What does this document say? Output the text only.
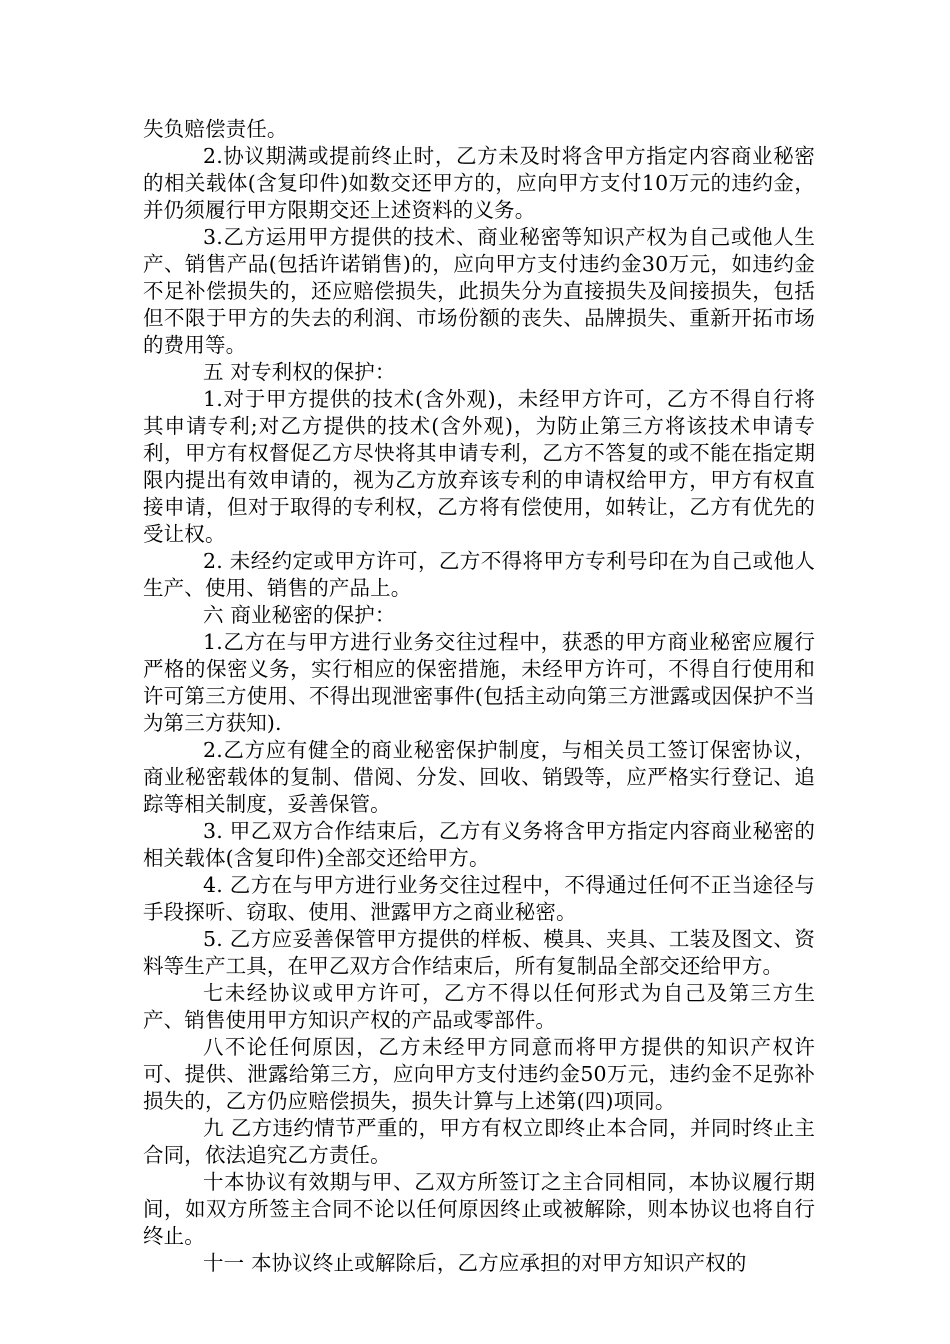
失负赔偿责任。

2.协议期满或提前终止时，乙方未及时将含甲方指定内容商业秘密的相关载体(含复印件)如数交还甲方的，应向甲方支付10万元的违约金，并仍须履行甲方限期交还上述资料的义务。

3.乙方运用甲方提供的技术、商业秘密等知识产权为自己或他人生产、销售产品(包括许诺销售)的，应向甲方支付违约金30万元，如违约金不足补偿损失的，还应赔偿损失，此损失分为直接损失及间接损失，包括但不限于甲方的失去的利润、市场份额的丧失、品牌损失、重新开拓市场的费用等。

五 对专利权的保护：

1.对于甲方提供的技术(含外观)，未经甲方许可，乙方不得自行将其申请专利;对乙方提供的技术(含外观)，为防止第三方将该技术申请专利，甲方有权督促乙方尽快将其申请专利，乙方不答复的或不能在指定期限内提出有效申请的，视为乙方放弃该专利的申请权给甲方，甲方有权直接申请，但对于取得的专利权，乙方将有偿使用，如转让，乙方有优先的受让权。

2. 未经约定或甲方许可，乙方不得将甲方专利号印在为自己或他人生产、使用、销售的产品上。

六 商业秘密的保护：

1.乙方在与甲方进行业务交往过程中，获悉的甲方商业秘密应履行严格的保密义务，实行相应的保密措施，未经甲方许可，不得自行使用和许可第三方使用、不得出现泄密事件(包括主动向第三方泄露或因保护不当为第三方获知).

2.乙方应有健全的商业秘密保护制度，与相关员工签订保密协议，商业秘密载体的复制、借阅、分发、回收、销毁等，应严格实行登记、追踪等相关制度，妥善保管。

3. 甲乙双方合作结束后，乙方有义务将含甲方指定内容商业秘密的相关载体(含复印件)全部交还给甲方。

4. 乙方在与甲方进行业务交往过程中，不得通过任何不正当途径与手段探听、窃取、使用、泄露甲方之商业秘密。

5. 乙方应妥善保管甲方提供的样板、模具、夹具、工装及图文、资料等生产工具，在甲乙双方合作结束后，所有复制品全部交还给甲方。

七未经协议或甲方许可，乙方不得以任何形式为自己及第三方生产、销售使用甲方知识产权的产品或零部件。

八不论任何原因，乙方未经甲方同意而将甲方提供的知识产权许可、提供、泄露给第三方，应向甲方支付违约金50万元，违约金不足弥补损失的，乙方仍应赔偿损失，损失计算与上述第(四)项同。

九 乙方违约情节严重的，甲方有权立即终止本合同，并同时终止主合同，依法追究乙方责任。

十本协议有效期与甲、乙双方所签订之主合同相同，本协议履行期间，如双方所签主合同不论以任何原因终止或被解除，则本协议也将自行终止。

十一 本协议终止或解除后，乙方应承担的对甲方知识产权的
